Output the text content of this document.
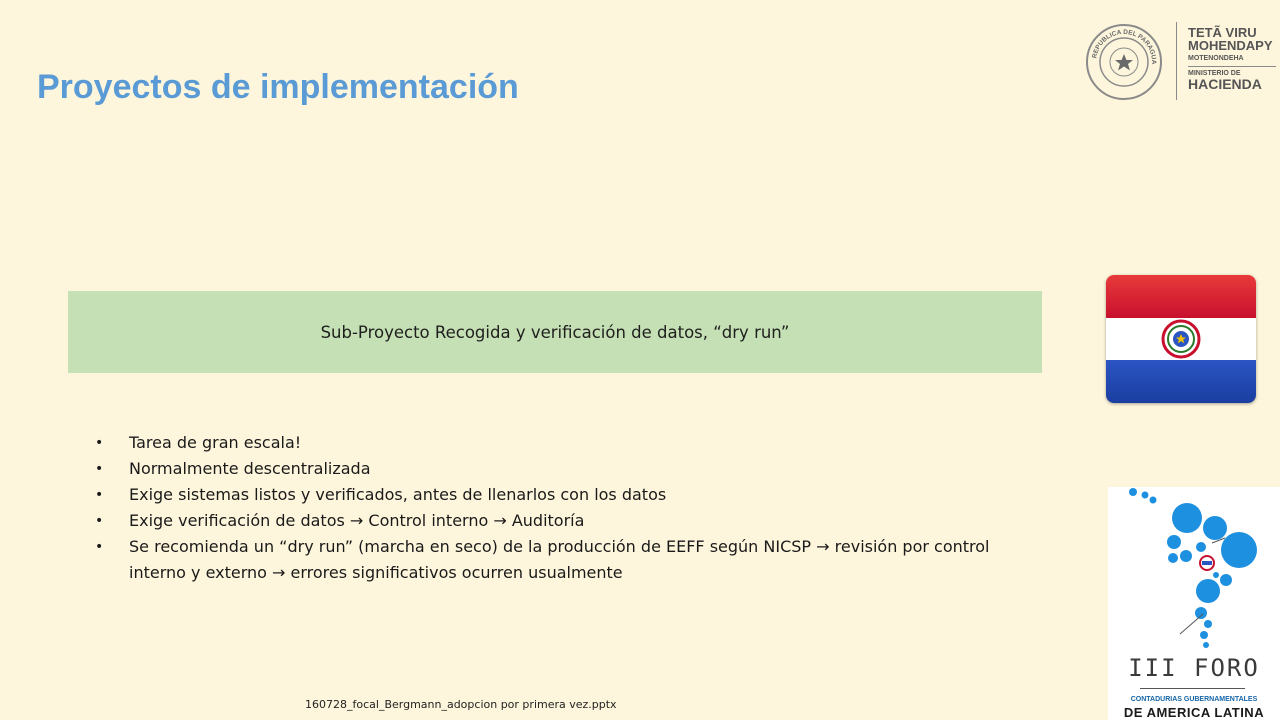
Proyectos de implementación
REPUBLICA DEL PARAGUA
TETÃ VIRU
MOHENDAPY
MOTENONDEHA
MINISTERIO DE
HACIENDA
Sub-Proyecto Recogida y verificación de datos, “dry run”
• Tarea de gran escala!
• Normalmente descentralizada
• Exige sistemas listos y verificados, antes de llenarlos con los datos
• Exige verificación de datos → Control interno → Auditoría
• Se recomienda un “dry run” (marcha en seco) de la producción de EEFF según NICSP → revisión por control interno y externo → errores significativos ocurren usualmente
160728_focal_Bergmann_adopcion por primera vez.pptx
III FORO
CONTADURIAS GUBERNAMENTALES
DE AMERICA LATINA
